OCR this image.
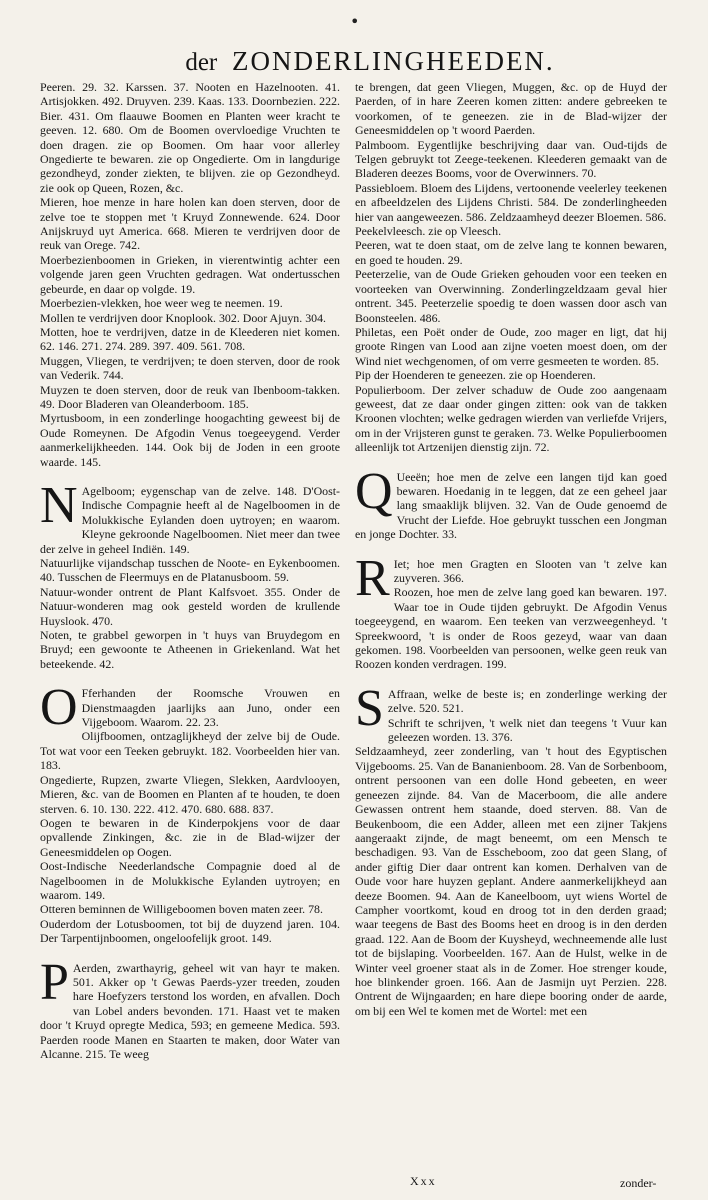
•
der ZONDERLINGHEEDEN.

Peeren. 29. 32. Karssen. 37. Nooten en Hazelnooten. 41. Artisjokken. 492. Druyven. 239. Kaas. 133. Doornbezien. 222. Bier. 431. Om flaauwe Boomen en Planten weer kracht te geeven. 12. 680. Om de Boomen overvloedige Vruchten te doen dragen. zie op Boomen. Om haar voor allerley Ongedierte te bewaren. zie op Ongedierte. Om in langdurige gezondheyd, zonder ziekten, te blijven. zie op Gezondheyd. zie ook op Queen, Rozen, &c.

Mieren, hoe menze in hare holen kan doen sterven, door de zelve toe te stoppen met 't Kruyd Zonnewende. 624. Door Anijskruyd uyt America. 668. Mieren te verdrijven door de reuk van Orege. 742.

Moerbezienboomen in Grieken, in vierentwintig achter een volgende jaren geen Vruchten gedragen. Wat ondertusschen gebeurde, en daar op volgde. 19.

Moerbezien-vlekken, hoe weer weg te neemen. 19.

Mollen te verdrijven door Knoplook. 302. Door Ajuyn. 304.

Motten, hoe te verdrijven, datze in de Kleederen niet komen. 62. 146. 271. 274. 289. 397. 409. 561. 708.

Muggen, Vliegen, te verdrijven; te doen sterven, door de rook van Vederik. 744.

Muyzen te doen sterven, door de reuk van Ibenboom-takken. 49. Door Bladeren van Oleanderboom. 185.

Myrtusboom, in een zonderlinge hoogachting geweest bij de Oude Romeynen. De Afgodin Venus toegeeygend. Verder aanmerkelijkheeden. 144. Ook bij de Joden in een groote waarde. 145.

N Agelboom; eygenschap van de zelve. 148. D'Oost-Indische Compagnie heeft al de Nagelboomen in de Molukkische Eylanden doen uytroyen; en waarom. Kleyne gekroonde Nagelboomen. Niet meer dan twee der zelve in geheel Indiën. 149.

Natuurlijke vijandschap tusschen de Noote- en Eykenboomen. 40. Tusschen de Fleermuys en de Platanusboom. 59.

Natuur-wonder ontrent de Plant Kalfsvoet. 355. Onder de Natuur-wonderen mag ook gesteld worden de krullende Huyslook. 470.

Noten, te grabbel geworpen in 't huys van Bruydegom en Bruyd; een gewoonte te Atheenen in Griekenland. Wat het beteekende. 42.

O Fferhanden der Roomsche Vrouwen en Dienstmaagden jaarlijks aan Juno, onder een Vijgeboom. Waarom. 22. 23.

Olijfboomen, ontzaglijkheyd der zelve bij de Oude. Tot wat voor een Teeken gebruykt. 182. Voorbeelden hier van. 183.

Ongedierte, Rupzen, zwarte Vliegen, Slekken, Aardvlooyen, Mieren, &c. van de Boomen en Planten af te houden, te doen sterven. 6. 10. 130. 222. 412. 470. 680. 688. 837.

Oogen te bewaren in de Kinderpokjens voor de daar opvallende Zinkingen, &c. zie in de Blad-wijzer der Geneesmiddelen op Oogen.

Oost-Indische Neederlandsche Compagnie doed al de Nagelboomen in de Molukkische Eylanden uytroyen; en waarom. 149.

Otteren beminnen de Willigeboomen boven maten zeer. 78.

Ouderdom der Lotusboomen, tot bij de duyzend jaren. 104. Der Tarpentijnboomen, ongeloofelijk groot. 149.

P Aerden, zwarthayrig, geheel wit van hayr te maken. 501. Akker op 't Gewas Paerds-yzer treeden, zouden hare Hoefyzers terstond los worden, en afvallen. Doch van Lobel anders bevonden. 171. Haast vet te maken door 't Kruyd opregte Medica, 593; en gemeene Medica. 593. Paerden roode Manen en Staarten te maken, door Water van Alcanne. 215. Te weeg

te brengen, dat geen Vliegen, Muggen, &c. op de Huyd der Paerden, of in hare Zeeren komen zitten: andere gebreeken te voorkomen, of te geneezen. zie in de Blad-wijzer der Geneesmiddelen op 't woord Paerden.

Palmboom. Eygentlijke beschrijving daar van. Oud-tijds de Telgen gebruykt tot Zeege-teekenen. Kleederen gemaakt van de Bladeren deezes Booms, voor de Overwinners. 70.

Passiebloem. Bloem des Lijdens, vertoonende veelerley teekenen en afbeeldzelen des Lijdens Christi. 584. De zonderlingheeden hier van aangeweezen. 586. Zeldzaamheyd deezer Bloemen. 586.

Peekelvleesch. zie op Vleesch.

Peeren, wat te doen staat, om de zelve lang te konnen bewaren, en goed te houden. 29.

Peeterzelie, van de Oude Grieken gehouden voor een teeken en voorteeken van Overwinning. Zonderlingzeldzaam geval hier ontrent. 345. Peeterzelie spoedig te doen wassen door asch van Boonsteelen. 486.

Philetas, een Poët onder de Oude, zoo mager en ligt, dat hij groote Ringen van Lood aan zijne voeten moest doen, om der Wind niet wechgenomen, of om verre gesmeeten te worden. 85.

Pip der Hoenderen te geneezen. zie op Hoenderen.

Populierboom. Der zelver schaduw de Oude zoo aangenaam geweest, dat ze daar onder gingen zitten: ook van de takken Kroonen vlochten; welke gedragen wierden van verliefde Vrijers, om in der Vrijsteren gunst te geraken. 73. Welke Populierboomen alleenlijk tot Artzenijen dienstig zijn. 72.

Q Ueeën; hoe men de zelve een langen tijd kan goed bewaren. Hoedanig in te leggen, dat ze een geheel jaar lang smaaklijk blijven. 32. Van de Oude genoemd de Vrucht der Liefde. Hoe gebruykt tusschen een Jongman en jonge Dochter. 33.

R Iet; hoe men Gragten en Slooten van 't zelve kan zuyveren. 366.

Roozen, hoe men de zelve lang goed kan bewaren. 197. Waar toe in Oude tijden gebruykt. De Afgodin Venus toegeeygend, en waarom. Een teeken van verzweegenheyd. 't Spreekwoord, 't is onder de Roos gezeyd, waar van daan gekomen. 198. Voorbeelden van persoonen, welke geen reuk van Roozen konden verdragen. 199.

S Affraan, welke de beste is; en zonderlinge werking der zelve. 520. 521.

Schrift te schrijven, 't welk niet dan teegens 't Vuur kan geleezen worden. 13. 376.

Seldzaamheyd, zeer zonderling, van 't hout des Egyptischen Vijgebooms. 25. Van de Bananienboom. 28. Van de Sorbenboom, ontrent persoonen van een dolle Hond gebeeten, en weer geneezen zijnde. 84. Van de Macerboom, die alle andere Gewassen ontrent hem staande, doed sterven. 88. Van de Beukenboom, die een Adder, alleen met een zijner Takjens aangeraakt zijnde, de magt beneemt, om een Mensch te beschadigen. 93. Van de Esscheboom, zoo dat geen Slang, of ander giftig Dier daar ontrent kan komen. Derhalven van de Oude voor hare huyzen geplant. Andere aanmerkelijkheyd aan deeze Boomen. 94. Aan de Kaneelboom, uyt wiens Wortel de Campher voortkomt, koud en droog tot in den derden graad; waar teegens de Bast des Booms heet en droog is in den derden graad. 122. Aan de Boom der Kuysheyd, wechneemende alle lust tot de bijslaping. Voorbeelden. 167. Aan de Hulst, welke in de Winter veel groener staat als in de Zomer. Hoe strenger koude, hoe blinkender groen. 166. Aan de Jasmijn uyt Perzien. 228. Ontrent de Wijngaarden; en hare diepe booring onder de aarde, om bij een Wel te komen met de Wortel: met een

Xxx	zonder-
